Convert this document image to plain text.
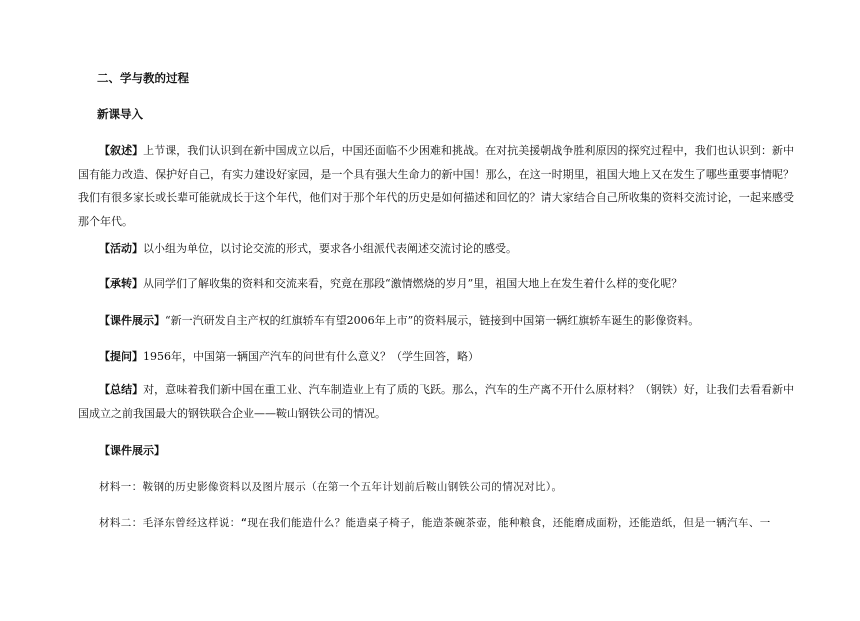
二、学与教的过程
新课导入
【叙述】上节课，我们认识到在新中国成立以后，中国还面临不少困难和挑战。在对抗美援朝战争胜利原因的探究过程中，我们也认识到：新中国有能力改造、保护好自己，有实力建设好家园，是一个具有强大生命力的新中国！那么，在这一时期里，祖国大地上又在发生了哪些重要事情呢？我们有很多家长或长辈可能就成长于这个年代，他们对于那个年代的历史是如何描述和回忆的？请大家结合自己所收集的资料交流讨论，一起来感受那个年代。
【活动】以小组为单位，以讨论交流的形式，要求各小组派代表阐述交流讨论的感受。
【承转】从同学们了解收集的资料和交流来看，究竟在那段“激情燃烧的岁月”里，祖国大地上在发生着什么样的变化呢？
【课件展示】“新一汽研发自主产权的红旗轿车有望2006年上市”的资料展示，链接到中国第一辆红旗轿车诞生的影像资料。
【提问】1956年，中国第一辆国产汽车的问世有什么意义？（学生回答，略）
【总结】对，意味着我们新中国在重工业、汽车制造业上有了质的飞跃。那么，汽车的生产离不开什么原材料？（钢铁）好，让我们去看看新中国成立之前我国最大的钢铁联合企业——鞍山钢铁公司的情况。
【课件展示】
材料一：鞍钢的历史影像资料以及图片展示（在第一个五年计划前后鞍山钢铁公司的情况对比）。
材料二：毛泽东曾经这样说：“现在我们能造什么？能造桌子椅子，能造茶碗茶壶，能种粮食，还能磨成面粉，还能造纸，但是一辆汽车、一
